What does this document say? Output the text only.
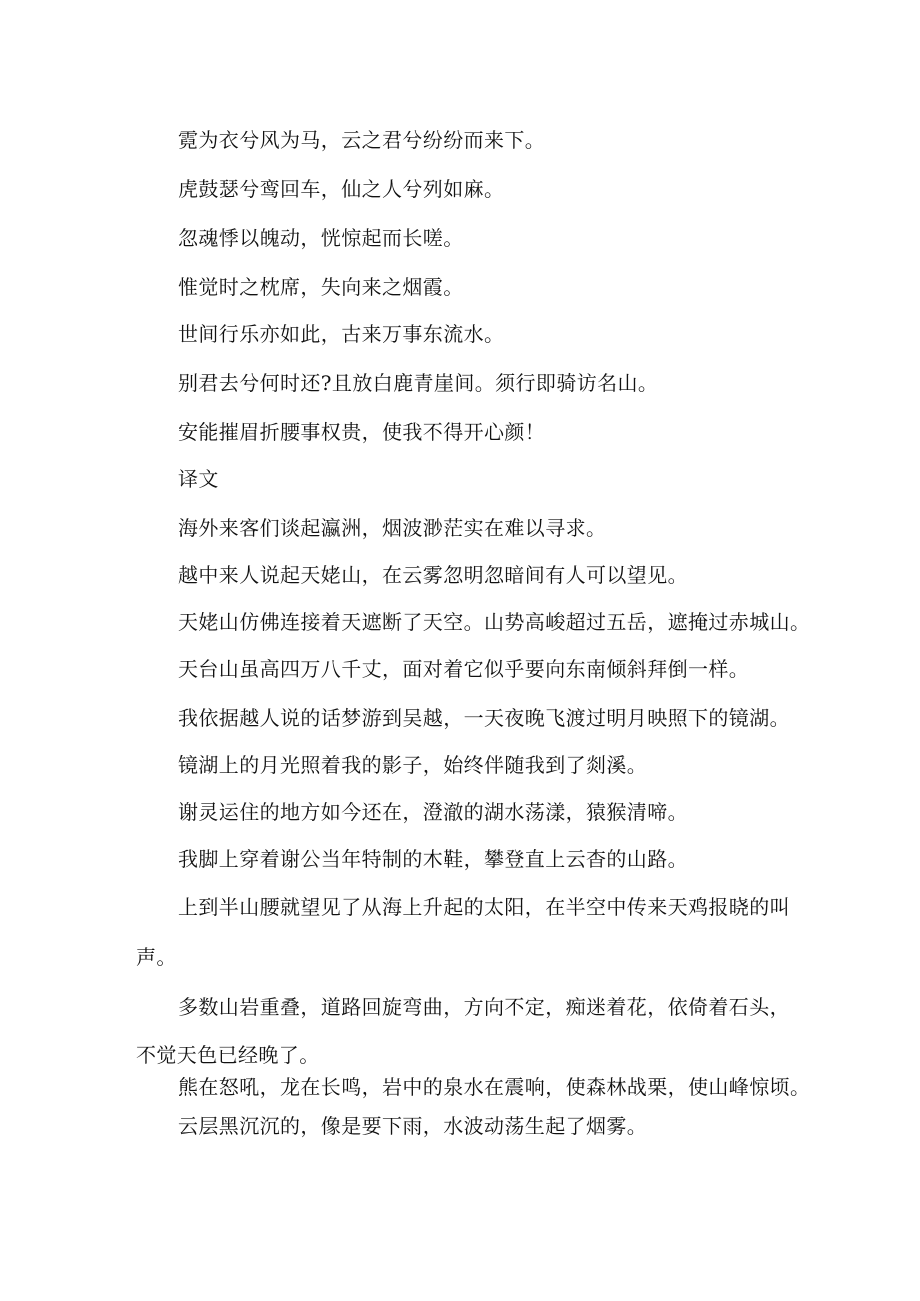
霓为衣兮风为马，云之君兮纷纷而来下。

虎鼓瑟兮鸾回车，仙之人兮列如麻。

忽魂悸以魄动，恍惊起而长嗟。

惟觉时之枕席，失向来之烟霞。

世间行乐亦如此，古来万事东流水。

别君去兮何时还?且放白鹿青崖间。须行即骑访名山。

安能摧眉折腰事权贵，使我不得开心颜！

译文

海外来客们谈起瀛洲，烟波渺茫实在难以寻求。

越中来人说起天姥山，在云雾忽明忽暗间有人可以望见。

天姥山仿佛连接着天遮断了天空。山势高峻超过五岳，遮掩过赤城山。

天台山虽高四万八千丈，面对着它似乎要向东南倾斜拜倒一样。

我依据越人说的话梦游到吴越，一天夜晚飞渡过明月映照下的镜湖。

镜湖上的月光照着我的影子，始终伴随我到了剡溪。

谢灵运住的地方如今还在，澄澈的湖水荡漾，猿猴清啼。

我脚上穿着谢公当年特制的木鞋，攀登直上云杳的山路。

上到半山腰就望见了从海上升起的太阳，在半空中传来天鸡报晓的叫

声。

多数山岩重叠，道路回旋弯曲，方向不定，痴迷着花，依倚着石头，

不觉天色已经晚了。

熊在怒吼，龙在长鸣，岩中的泉水在震响，使森林战栗，使山峰惊顷。

云层黑沉沉的，像是要下雨，水波动荡生起了烟雾。
